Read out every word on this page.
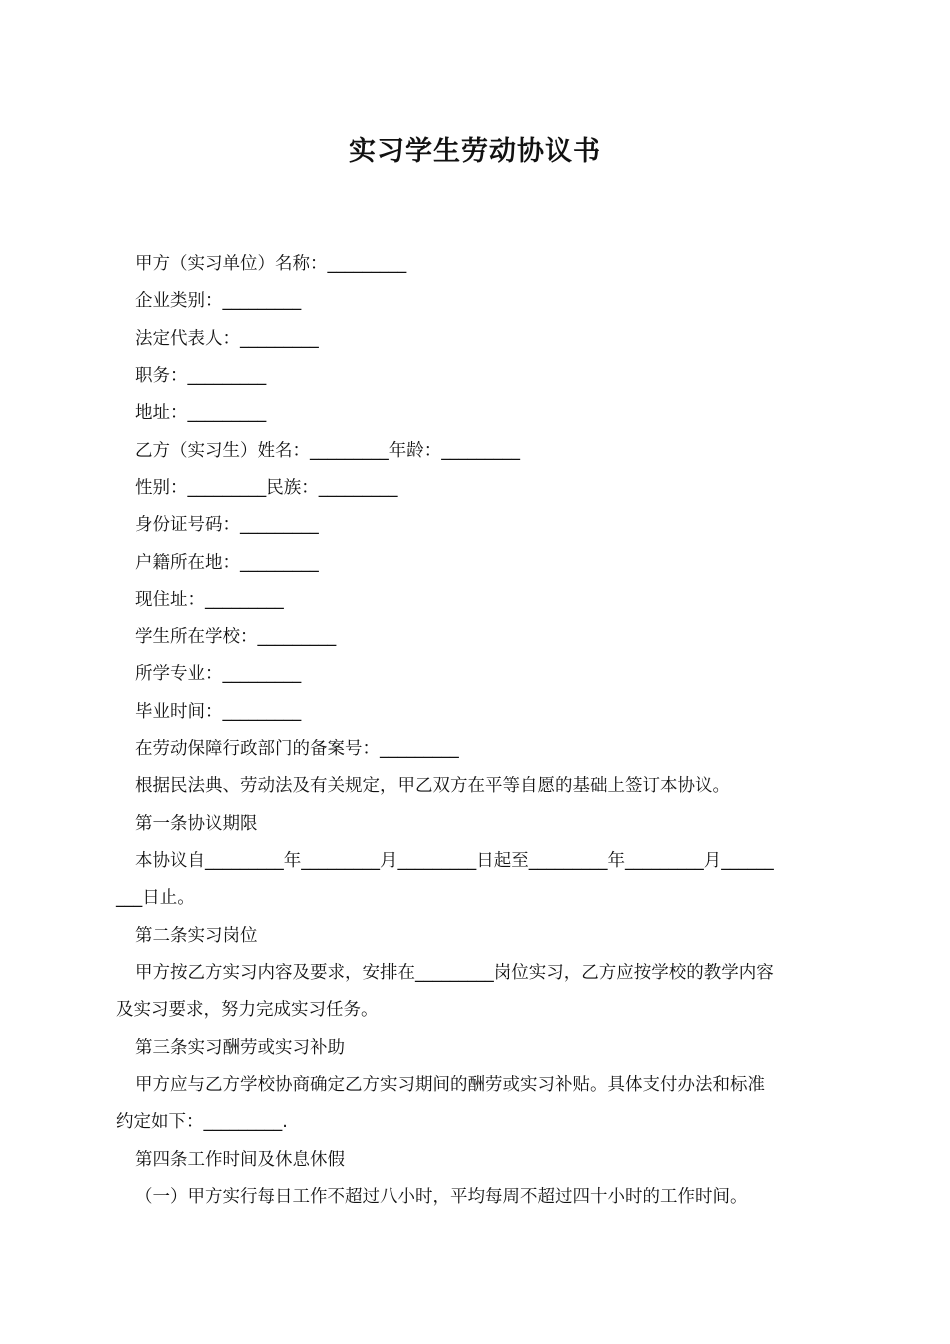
实习学生劳动协议书
甲方（实习单位）名称：_________
企业类别：_________
法定代表人：_________
职务：_________
地址：_________
乙方（实习生）姓名：_________年龄：_________
性别：_________民族：_________
身份证号码：_________
户籍所在地：_________
现住址：_________
学生所在学校：_________
所学专业：_________
毕业时间：_________
在劳动保障行政部门的备案号：_________
根据民法典、劳动法及有关规定，甲乙双方在平等自愿的基础上签订本协议。
第一条协议期限
本协议自_________年_________月_________日起至_________年_________月______
___日止。
第二条实习岗位
甲方按乙方实习内容及要求，安排在_________岗位实习，乙方应按学校的教学内容
及实习要求，努力完成实习任务。
第三条实习酬劳或实习补助
甲方应与乙方学校协商确定乙方实习期间的酬劳或实习补贴。具体支付办法和标准
约定如下：_________.
第四条工作时间及休息休假
（一）甲方实行每日工作不超过八小时，平均每周不超过四十小时的工作时间。
